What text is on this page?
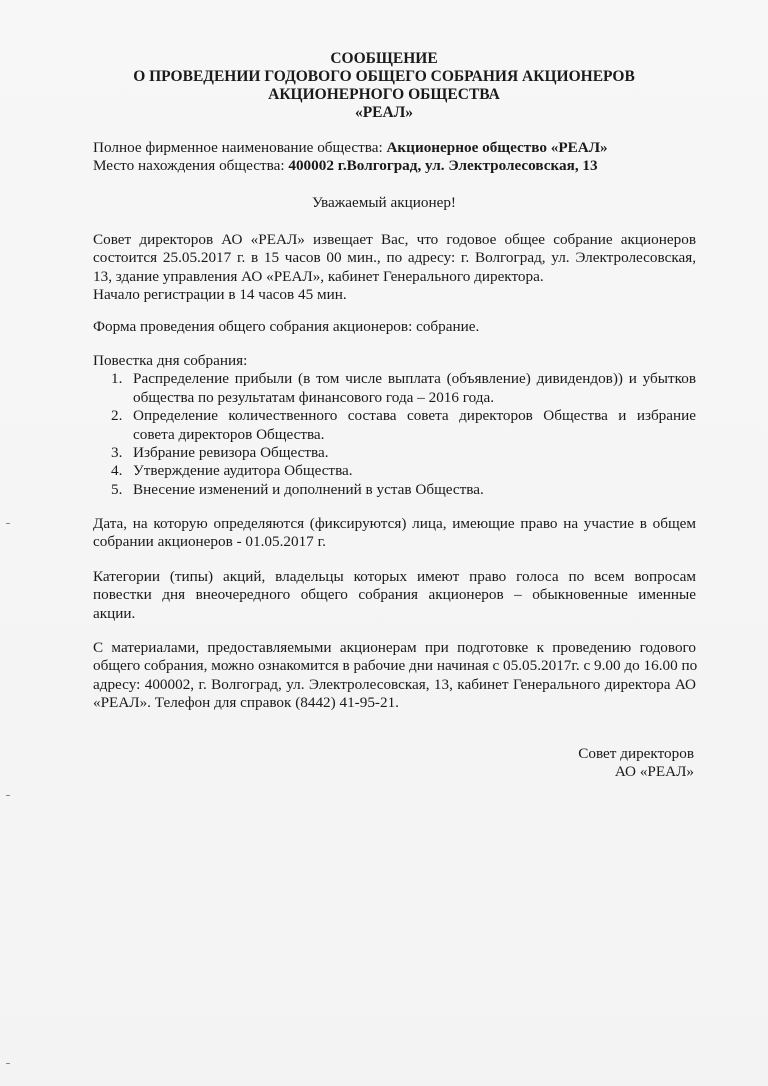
СООБЩЕНИЕ
О ПРОВЕДЕНИИ ГОДОВОГО ОБЩЕГО СОБРАНИЯ АКЦИОНЕРОВ
АКЦИОНЕРНОГО ОБЩЕСТВА
«РЕАЛ»
Полное фирменное наименование общества: Акционерное общество «РЕАЛ»
Место нахождения общества: 400002 г.Волгоград, ул. Электролесовская, 13
Уважаемый акционер!
Совет директоров АО «РЕАЛ» извещает Вас, что годовое общее собрание акционеров
состоится 25.05.2017 г. в 15 часов 00 мин., по адресу: г. Волгоград, ул. Электролесовская,
13, здание управления АО «РЕАЛ», кабинет Генерального директора.
Начало регистрации в 14 часов 45 мин.
Форма проведения общего собрания акционеров: собрание.
Повестка дня собрания:
1. Распределение прибыли (в том числе выплата (объявление) дивидендов)) и убытков
общества по результатам финансового года – 2016 года.
2. Определение количественного состава совета директоров Общества и избрание
совета директоров Общества.
3. Избрание ревизора Общества.
4. Утверждение аудитора Общества.
5. Внесение изменений и дополнений в устав Общества.
Дата, на которую определяются (фиксируются) лица, имеющие право на участие в общем
собрании акционеров - 01.05.2017 г.
Категории (типы) акций, владельцы которых имеют право голоса по всем вопросам
повестки дня внеочередного общего собрания акционеров – обыкновенные именные
акции.
С материалами, предоставляемыми акционерам при подготовке к проведению годового
общего собрания, можно ознакомится в рабочие дни начиная с 05.05.2017г. с 9.00 до 16.00 по
адресу: 400002, г. Волгоград, ул. Электролесовская, 13, кабинет Генерального директора АО
«РЕАЛ». Телефон для справок (8442) 41-95-21.
Совет директоров
АО «РЕАЛ»
